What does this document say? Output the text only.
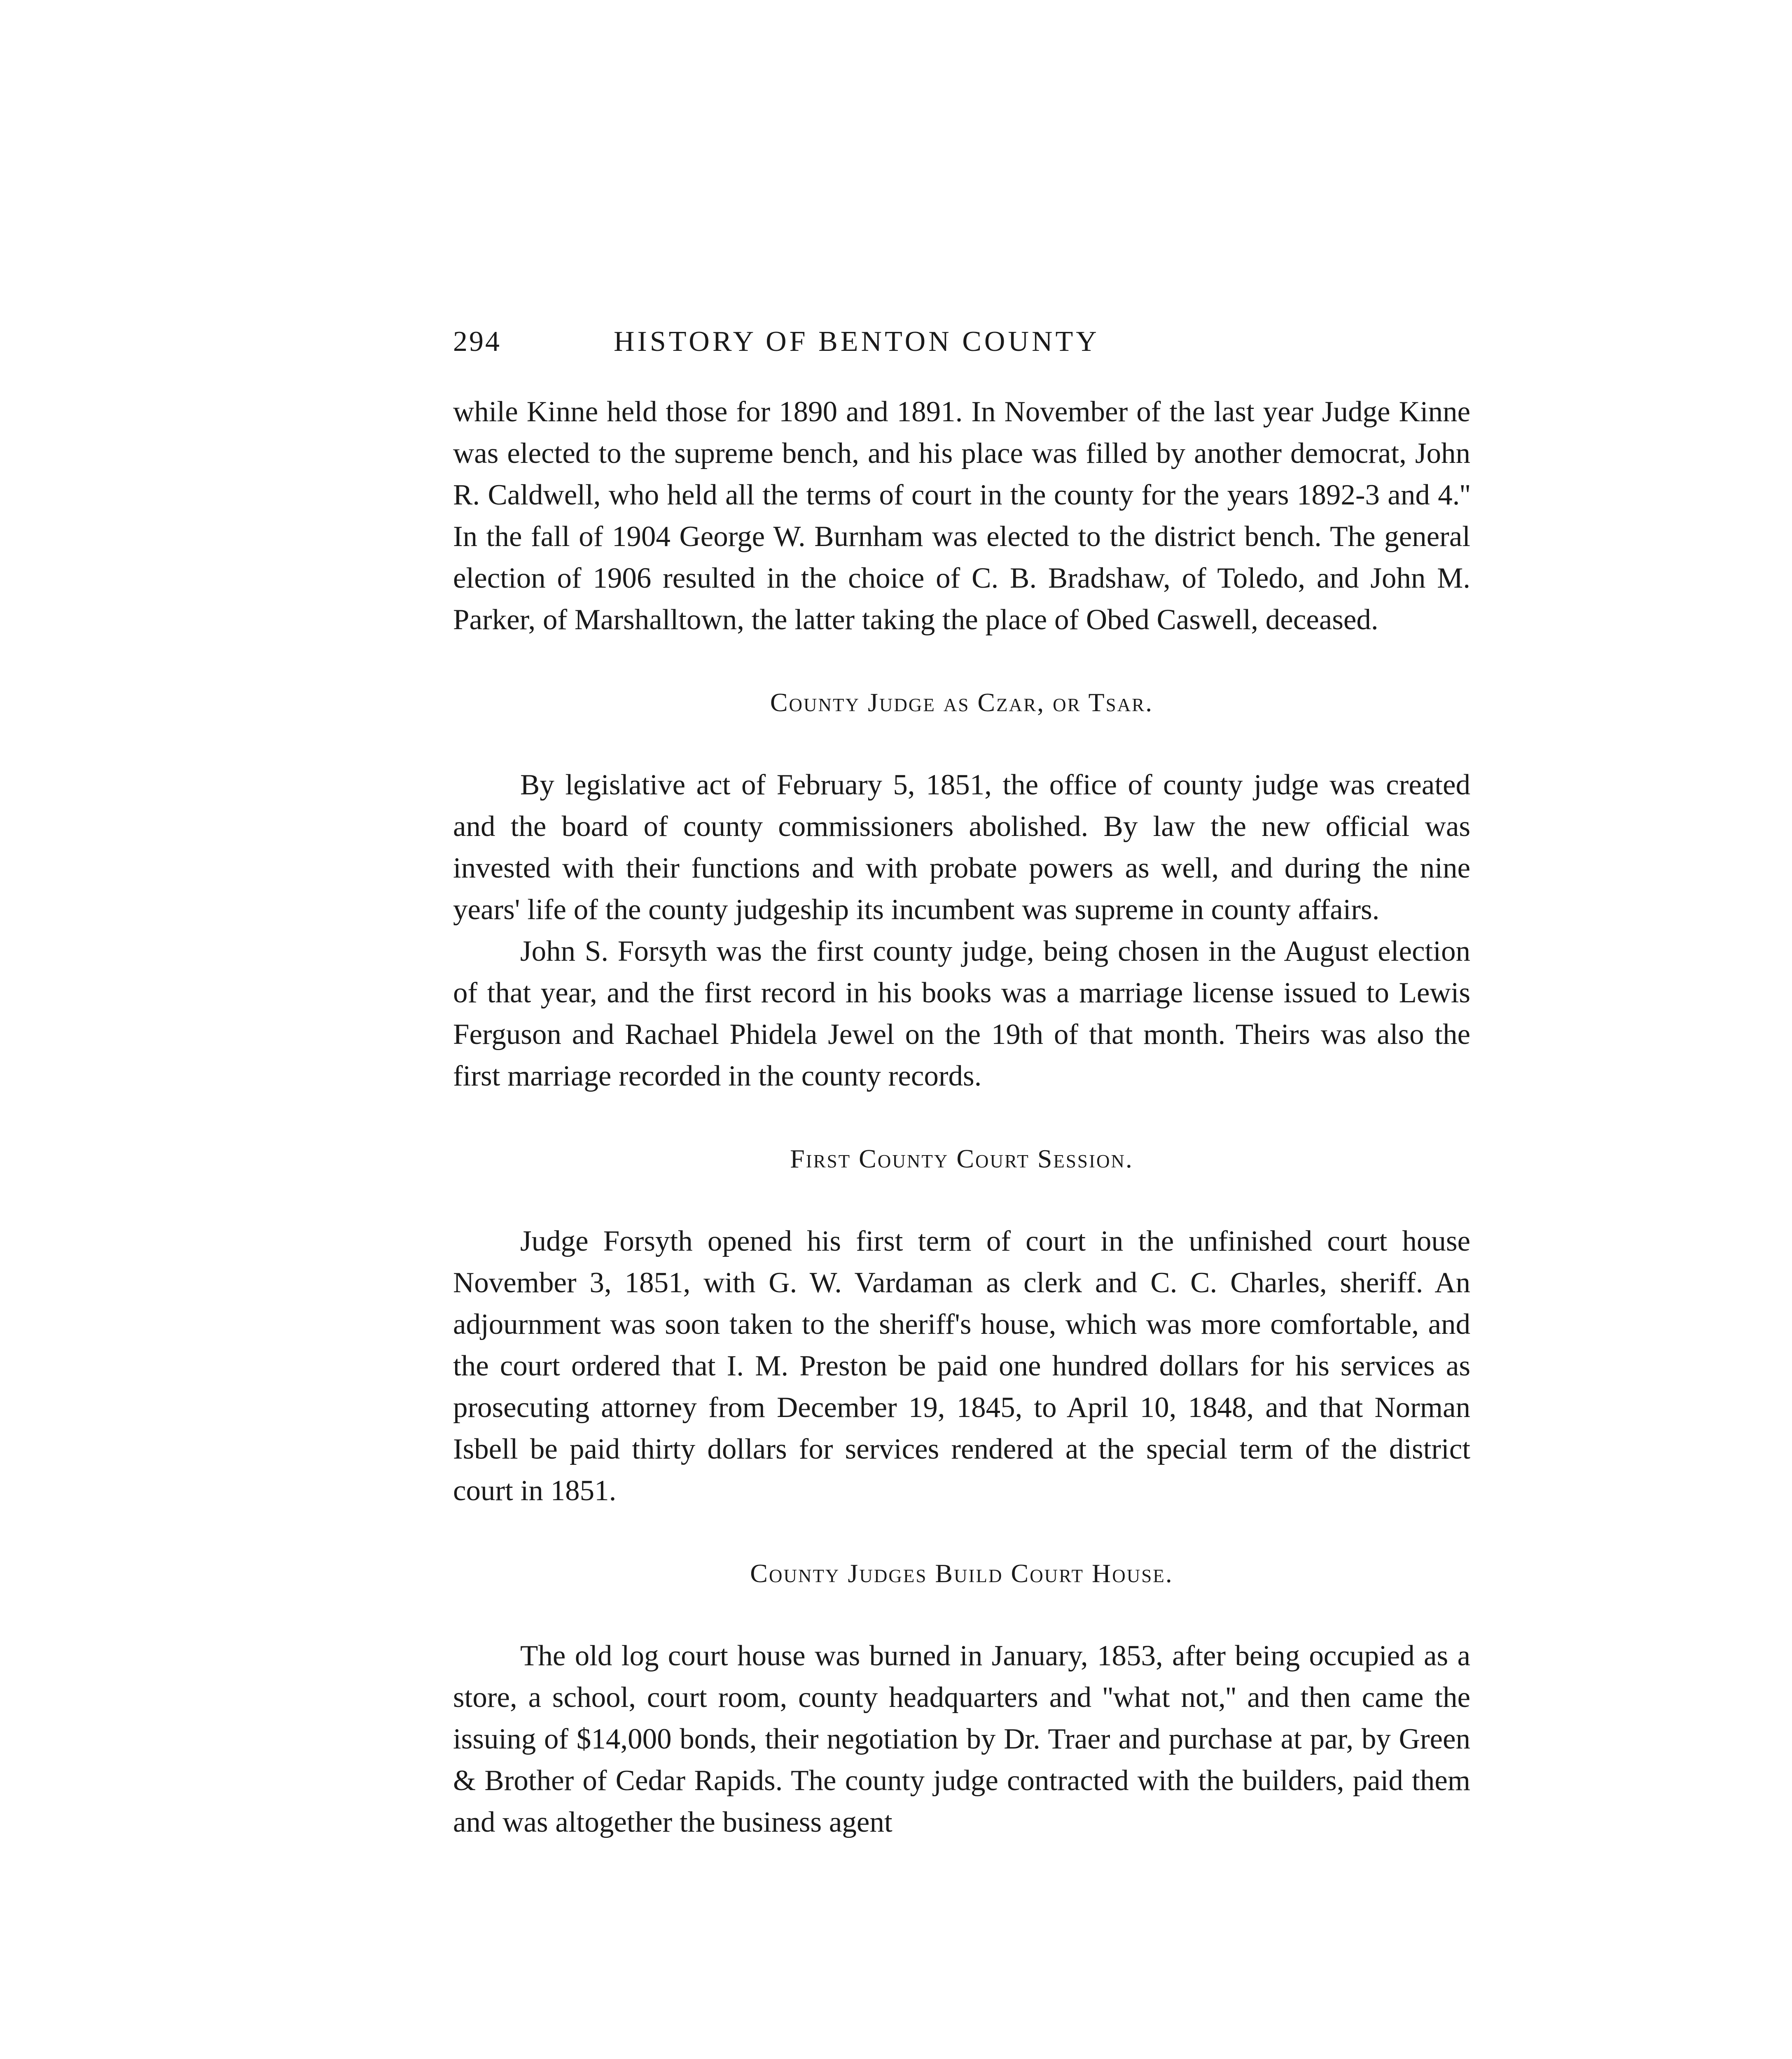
294	HISTORY OF BENTON COUNTY

while Kinne held those for 1890 and 1891. In November of the last year Judge Kinne was elected to the supreme bench, and his place was filled by another democrat, John R. Caldwell, who held all the terms of court in the county for the years 1892-3 and 4.'' In the fall of 1904 George W. Burnham was elected to the district bench. The general election of 1906 resulted in the choice of C. B. Bradshaw, of Toledo, and John M. Parker, of Marshalltown, the latter taking the place of Obed Caswell, deceased.

County Judge as Czar, or Tsar.

By legislative act of February 5, 1851, the office of county judge was created and the board of county commissioners abolished. By law the new official was invested with their functions and with probate powers as well, and during the nine years' life of the county judgeship its incumbent was supreme in county affairs.

John S. Forsyth was the first county judge, being chosen in the August election of that year, and the first record in his books was a marriage license issued to Lewis Ferguson and Rachael Phidela Jewel on the 19th of that month. Theirs was also the first marriage recorded in the county records.

First County Court Session.

Judge Forsyth opened his first term of court in the unfinished court house November 3, 1851, with G. W. Vardaman as clerk and C. C. Charles, sheriff. An adjournment was soon taken to the sheriff's house, which was more comfortable, and the court ordered that I. M. Preston be paid one hundred dollars for his services as prosecuting attorney from December 19, 1845, to April 10, 1848, and that Norman Isbell be paid thirty dollars for services rendered at the special term of the district court in 1851.

County Judges Build Court House.

The old log court house was burned in January, 1853, after being occupied as a store, a school, court room, county headquarters and ''what not,'' and then came the issuing of $14,000 bonds, their negotiation by Dr. Traer and purchase at par, by Green & Brother of Cedar Rapids. The county judge contracted with the builders, paid them and was altogether the business agent
